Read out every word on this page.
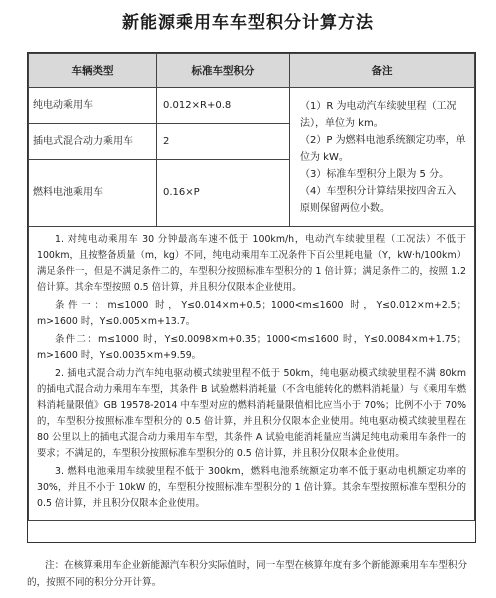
新能源乘用车车型积分计算方法
车辆类型	标准车型积分	备注
纯电动乘用车	0.012×R+0.8	（1）R 为电动汽车续驶里程（工况法），单位为 km。
（2）P 为燃料电池系统额定功率，单位为 kW。
（3）标准车型积分上限为 5 分。
（4）车型积分计算结果按四舍五入原则保留两位小数。

插电式混合动力乘用车	2	
燃料电池乘用车	0.16×P	

1. 对纯电动乘用车 30 分钟最高车速不低于 100km/h，电动汽车续驶里程（工况法）不低于 100km，且按整备质量（m，kg）不同，纯电动乘用车工况条件下百公里耗电量（Y，kW·h/100km）满足条件一，但是不满足条件二的，车型积分按照标准车型积分的 1 倍计算；满足条件二的，按照 1.2 倍计算。其余车型按照 0.5 倍计算，并且积分仅限本企业使用。

条件一：m≤1000 时，Y≤0.014×m+0.5；1000<m≤1600 时，Y≤0.012×m+2.5；m>1600 时，Y≤0.005×m+13.7。

条件二：m≤1000 时，Y≤0.0098×m+0.35；1000<m≤1600 时，Y≤0.0084×m+1.75；m>1600 时，Y≤0.0035×m+9.59。

2. 插电式混合动力汽车纯电驱动模式续驶里程不低于 50km，纯电驱动模式续驶里程不满 80km 的插电式混合动力乘用车车型，其条件 B 试验燃料消耗量（不含电能转化的燃料消耗量）与《乘用车燃料消耗量限值》GB 19578-2014 中车型对应的燃料消耗量限值相比应当小于 70%；比例不小于 70% 的，车型积分按照标准车型积分的 0.5 倍计算，并且积分仅限本企业使用。纯电驱动模式续驶里程在 80 公里以上的插电式混合动力乘用车车型，其条件 A 试验电能消耗量应当满足纯电动乘用车条件一的要求；不满足的，车型积分按照标准车型积分的 0.5 倍计算，并且积分仅限本企业使用。

3. 燃料电池乘用车续驶里程不低于 300km，燃料电池系统额定功率不低于驱动电机额定功率的 30%，并且不小于 10kW 的，车型积分按照标准车型积分的 1 倍计算。其余车型按照标准车型积分的 0.5 倍计算，并且积分仅限本企业使用。		

注：在核算乘用车企业新能源汽车积分实际值时，同一车型在核算年度有多个新能源乘用车车型积分的，按照不同的积分分开计算。
